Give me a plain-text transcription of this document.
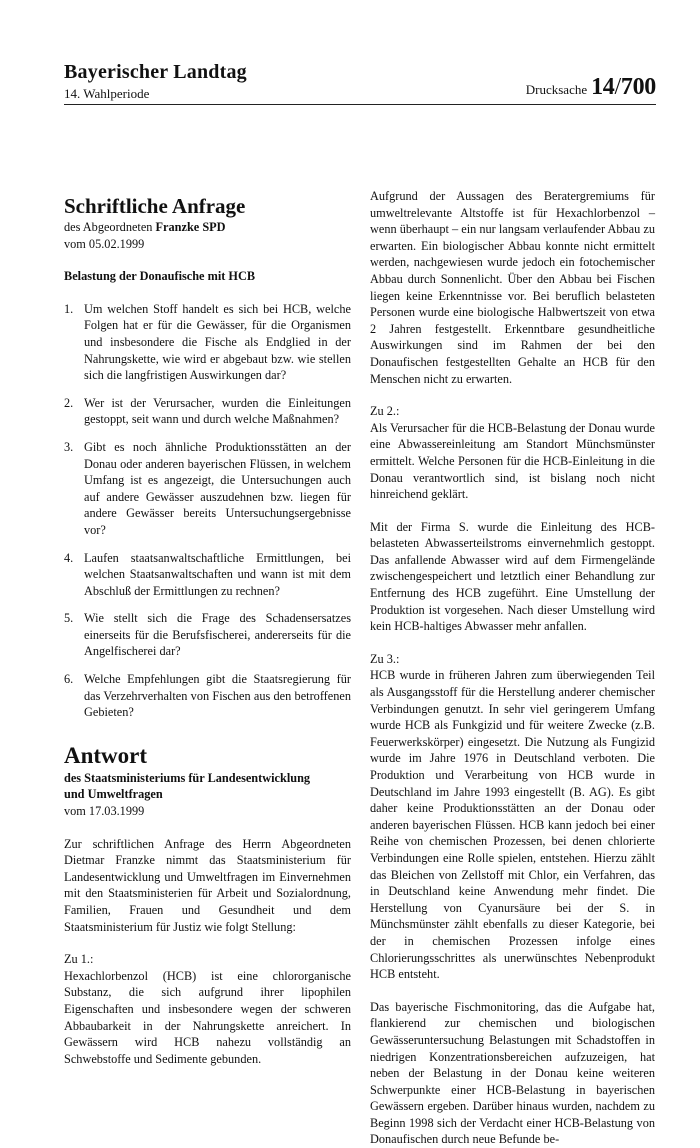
Bayerischer Landtag
14. Wahlperiode	Drucksache 14/700
Schriftliche Anfrage

des Abgeordneten Franzke SPD

vom 05.02.1999

Belastung der Donaufische mit HCB

1. Um welchen Stoff handelt es sich bei HCB, welche Folgen hat er für die Gewässer, für die Organismen und insbesondere die Fische als Endglied in der Nahrungskette, wie wird er abgebaut bzw. wie stellen sich die langfristigen Auswirkungen dar?
2. Wer ist der Verursacher, wurden die Einleitungen gestoppt, seit wann und durch welche Maßnahmen?
3. Gibt es noch ähnliche Produktionsstätten an der Donau oder anderen bayerischen Flüssen, in welchem Umfang ist es angezeigt, die Untersuchungen auch auf andere Gewässer auszudehnen bzw. liegen für andere Gewässer bereits Untersuchungsergebnisse vor?
4. Laufen staatsanwaltschaftliche Ermittlungen, bei welchen Staatsanwaltschaften und wann ist mit dem Abschluß der Ermittlungen zu rechnen?
5. Wie stellt sich die Frage des Schadensersatzes einerseits für die Berufsfischerei, andererseits für die Angelfischerei dar?
6. Welche Empfehlungen gibt die Staatsregierung für das Verzehrverhalten von Fischen aus den betroffenen Gebieten?
Antwort

des Staatsministeriums für Landesentwicklung

und Umweltfragen

vom 17.03.1999

Zur schriftlichen Anfrage des Herrn Abgeordneten Dietmar Franzke nimmt das Staatsministerium für Landesentwicklung und Umweltfragen im Einvernehmen mit den Staatsministerien für Arbeit und Sozialordnung, Familien, Frauen und Gesundheit und dem Staatsministerium für Justiz wie folgt Stellung:

Zu 1.:

Hexachlorbenzol (HCB) ist eine chlororganische Substanz, die sich aufgrund ihrer lipophilen Eigenschaften und insbesondere wegen der schweren Abbaubarkeit in der Nahrungskette anreichert. In Gewässern wird HCB nahezu vollständig an Schwebstoffe und Sedimente gebunden.

Aufgrund der Aussagen des Beratergremiums für umweltrelevante Altstoffe ist für Hexachlorbenzol – wenn überhaupt – ein nur langsam verlaufender Abbau zu erwarten. Ein biologischer Abbau konnte nicht ermittelt werden, nachgewiesen wurde jedoch ein fotochemischer Abbau durch Sonnenlicht. Über den Abbau bei Fischen liegen keine Erkenntnisse vor. Bei beruflich belasteten Personen wurde eine biologische Halbwertszeit von etwa 2 Jahren festgestellt. Erkenntbare gesundheitliche Auswirkungen sind im Rahmen der bei den Donaufischen festgestellten Gehalte an HCB für den Menschen nicht zu erwarten.

Zu 2.:

Als Verursacher für die HCB-Belastung der Donau wurde eine Abwassereinleitung am Standort Münchsmünster ermittelt. Welche Personen für die HCB-Einleitung in die Donau verantwortlich sind, ist bislang noch nicht hinreichend geklärt.

Mit der Firma S. wurde die Einleitung des HCB-belasteten Abwasserteilstroms einvernehmlich gestoppt. Das anfallende Abwasser wird auf dem Firmengelände zwischengespeichert und letztlich einer Behandlung zur Entfernung des HCB zugeführt. Eine Umstellung der Produktion ist vorgesehen. Nach dieser Umstellung wird kein HCB-haltiges Abwasser mehr anfallen.

Zu 3.:

HCB wurde in früheren Jahren zum überwiegenden Teil als Ausgangsstoff für die Herstellung anderer chemischer Verbindungen genutzt. In sehr viel geringerem Umfang wurde HCB als Funkgizid und für weitere Zwecke (z.B. Feuerwerkskörper) eingesetzt. Die Nutzung als Fungizid wurde im Jahre 1976 in Deutschland verboten. Die Produktion und Verarbeitung von HCB wurde in Deutschland im Jahre 1993 eingestellt (B. AG). Es gibt daher keine Produktionsstätten an der Donau oder anderen bayerischen Flüssen. HCB kann jedoch bei einer Reihe von chemischen Prozessen, bei denen chlorierte Verbindungen eine Rolle spielen, entstehen. Hierzu zählt das Bleichen von Zellstoff mit Chlor, ein Verfahren, das in Deutschland keine Anwendung mehr findet. Die Herstellung von Cyanursäure bei der S. in Münchsmünster zählt ebenfalls zu dieser Kategorie, bei der in chemischen Prozessen infolge eines Chlorierungsschrittes als unerwünschtes Nebenprodukt HCB entsteht.

Das bayerische Fischmonitoring, das die Aufgabe hat, flankierend zur chemischen und biologischen Gewässeruntersuchung Belastungen mit Schadstoffen in niedrigen Konzentrationsbereichen aufzuzeigen, hat neben der Belastung in der Donau keine weiteren Schwerpunkte einer HCB-Belastung in bayerischen Gewässern ergeben. Darüber hinaus wurden, nachdem zu Beginn 1998 sich der Verdacht einer HCB-Belastung von Donaufischen durch neue Befunde be-
